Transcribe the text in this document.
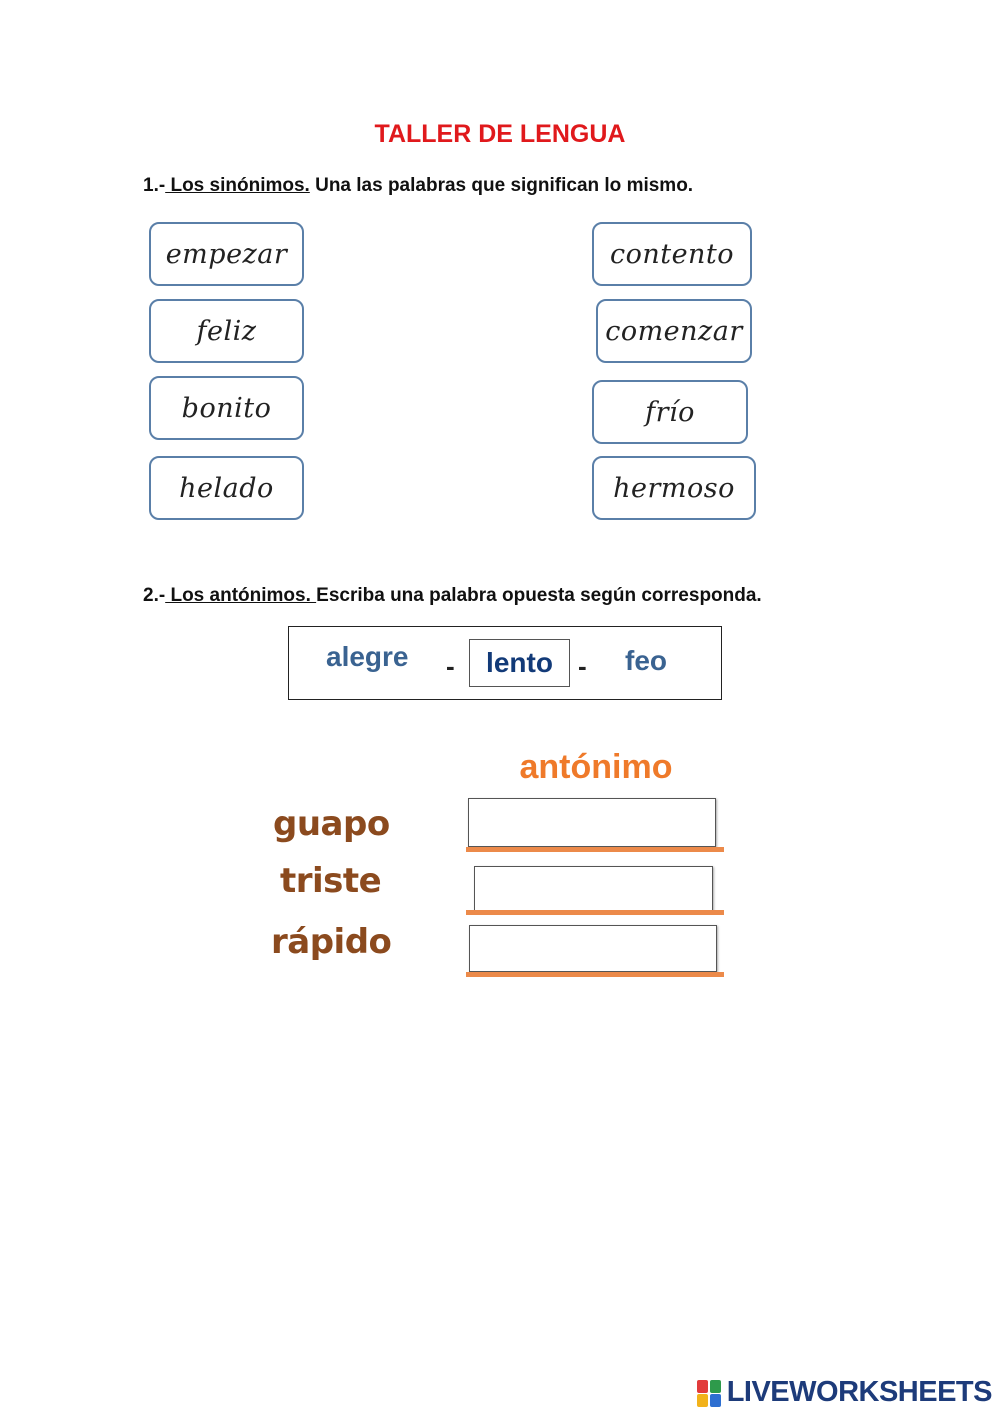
TALLER DE LENGUA
1.- Los sinónimos. Una las palabras que significan lo mismo.
empezar
feliz
bonito
helado
contento
comenzar
frío
hermoso
2.- Los antónimos. Escriba una palabra opuesta según corresponda.
alegre -	lento - feo
antónimo
guapo
triste
rápido
LIVEWORKSHEETS
